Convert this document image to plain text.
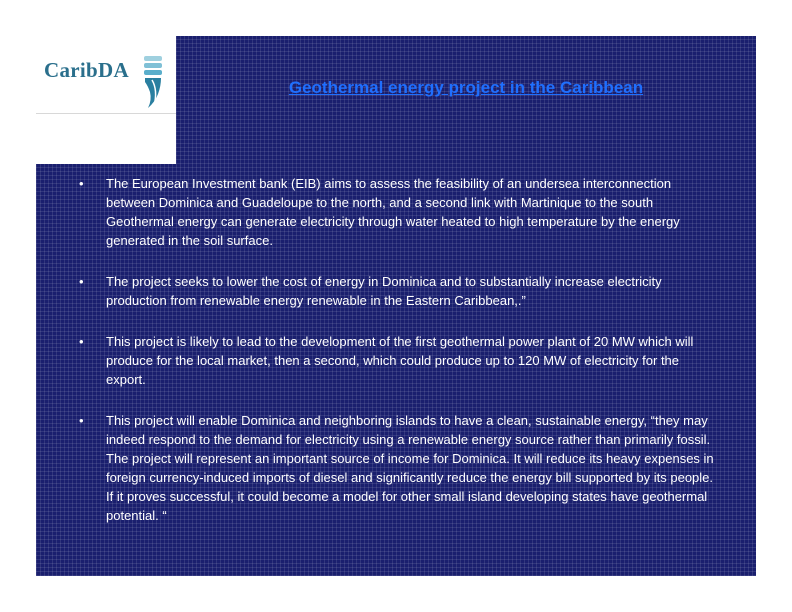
CaribDA
Geothermal energy project in the Caribbean
• The European Investment bank (EIB) aims to assess the feasibility of an undersea interconnection between Dominica and Guadeloupe to the north, and a second link with Martinique to the south Geothermal energy can generate electricity through water heated to high temperature by the energy generated in the soil surface.
• The project seeks to lower the cost of energy in Dominica and to substantially increase electricity production from renewable energy renewable in the Eastern Caribbean,.”
• This project is likely to lead to the development of the first geothermal power plant of 20 MW which will produce for the local market, then a second, which could produce up to 120 MW of electricity for the export.
• This project will enable Dominica and neighboring islands to have a clean, sustainable energy, “they may indeed respond to the demand for electricity using a renewable energy source rather than primarily fossil. The project will represent an important source of income for Dominica. It will reduce its heavy expenses in foreign currency-induced imports of diesel and significantly reduce the energy bill supported by its people. If it proves successful, it could become a model for other small island developing states have geothermal potential. “
